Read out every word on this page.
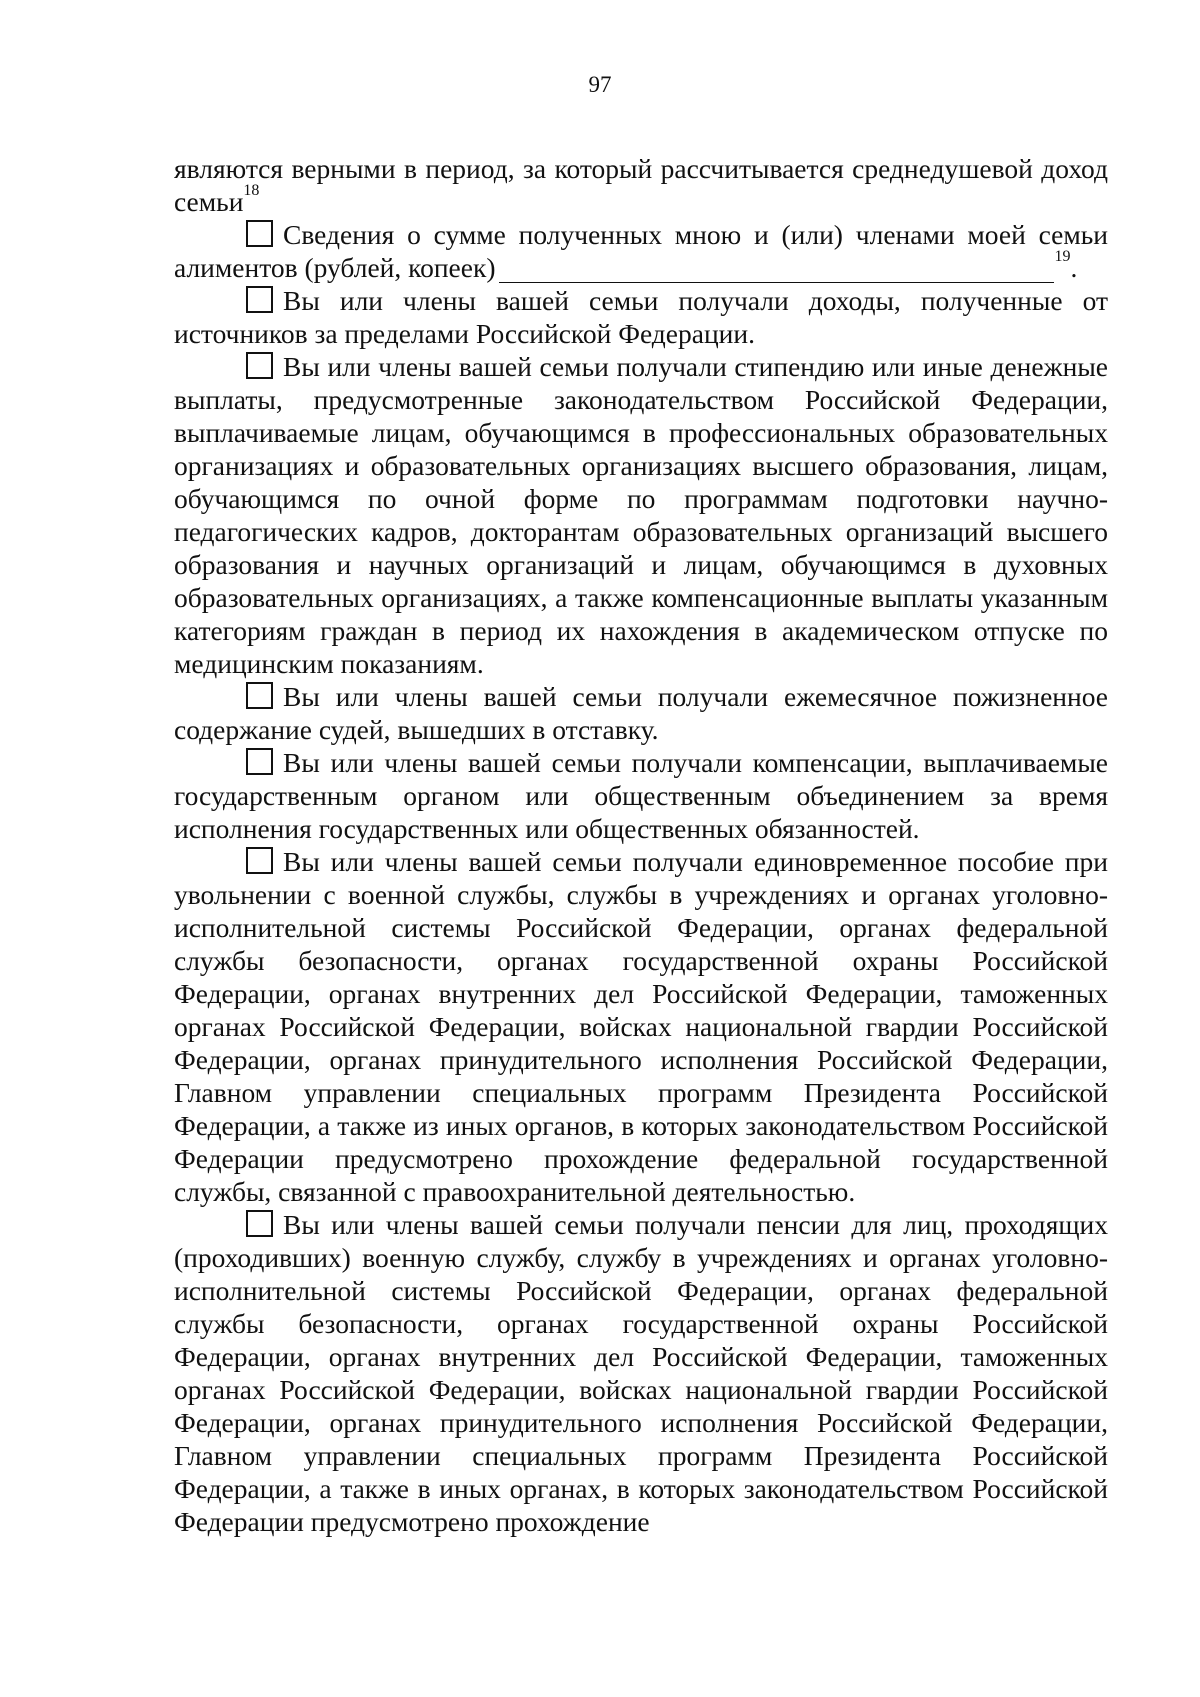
97

являются верными в период, за который рассчитывается среднедушевой доход семьи$^{18}$

Сведения о сумме полученных мною и (или) членами моей семьи алиментов (рублей, копеек)	$^{19}$.

Вы или члены вашей семьи получали доходы, полученные от источников за пределами Российской Федерации.

Вы или члены вашей семьи получали стипендию или иные денежные выплаты, предусмотренные законодательством Российской Федерации, выплачиваемые лицам, обучающимся в профессиональных образовательных организациях и образовательных организациях высшего образования, лицам, обучающимся по очной форме по программам подготовки научно-педагогических кадров, докторантам образовательных организаций высшего образования и научных организаций и лицам, обучающимся в духовных образовательных организациях, а также компенсационные выплаты указанным категориям граждан в период их нахождения в академическом отпуске по медицинским показаниям.

Вы или члены вашей семьи получали ежемесячное пожизненное содержание судей, вышедших в отставку.

Вы или члены вашей семьи получали компенсации, выплачиваемые государственным органом или общественным объединением за время исполнения государственных или общественных обязанностей.

Вы или члены вашей семьи получали единовременное пособие при увольнении с военной службы, службы в учреждениях и органах уголовно-исполнительной системы Российской Федерации, органах федеральной службы безопасности, органах государственной охраны Российской Федерации, органах внутренних дел Российской Федерации, таможенных органах Российской Федерации, войсках национальной гвардии Российской Федерации, органах принудительного исполнения Российской Федерации, Главном управлении специальных программ Президента Российской Федерации, а также из иных органов, в которых законодательством Российской Федерации предусмотрено прохождение федеральной государственной службы, связанной с правоохранительной деятельностью.

Вы или члены вашей семьи получали пенсии для лиц, проходящих (проходивших) военную службу, службу в учреждениях и органах уголовно-исполнительной системы Российской Федерации, органах федеральной службы безопасности, органах государственной охраны Российской Федерации, органах внутренних дел Российской Федерации, таможенных органах Российской Федерации, войсках национальной гвардии Российской Федерации, органах принудительного исполнения Российской Федерации, Главном управлении специальных программ Президента Российской Федерации, а также в иных органах, в которых законодательством Российской Федерации предусмотрено прохождение
